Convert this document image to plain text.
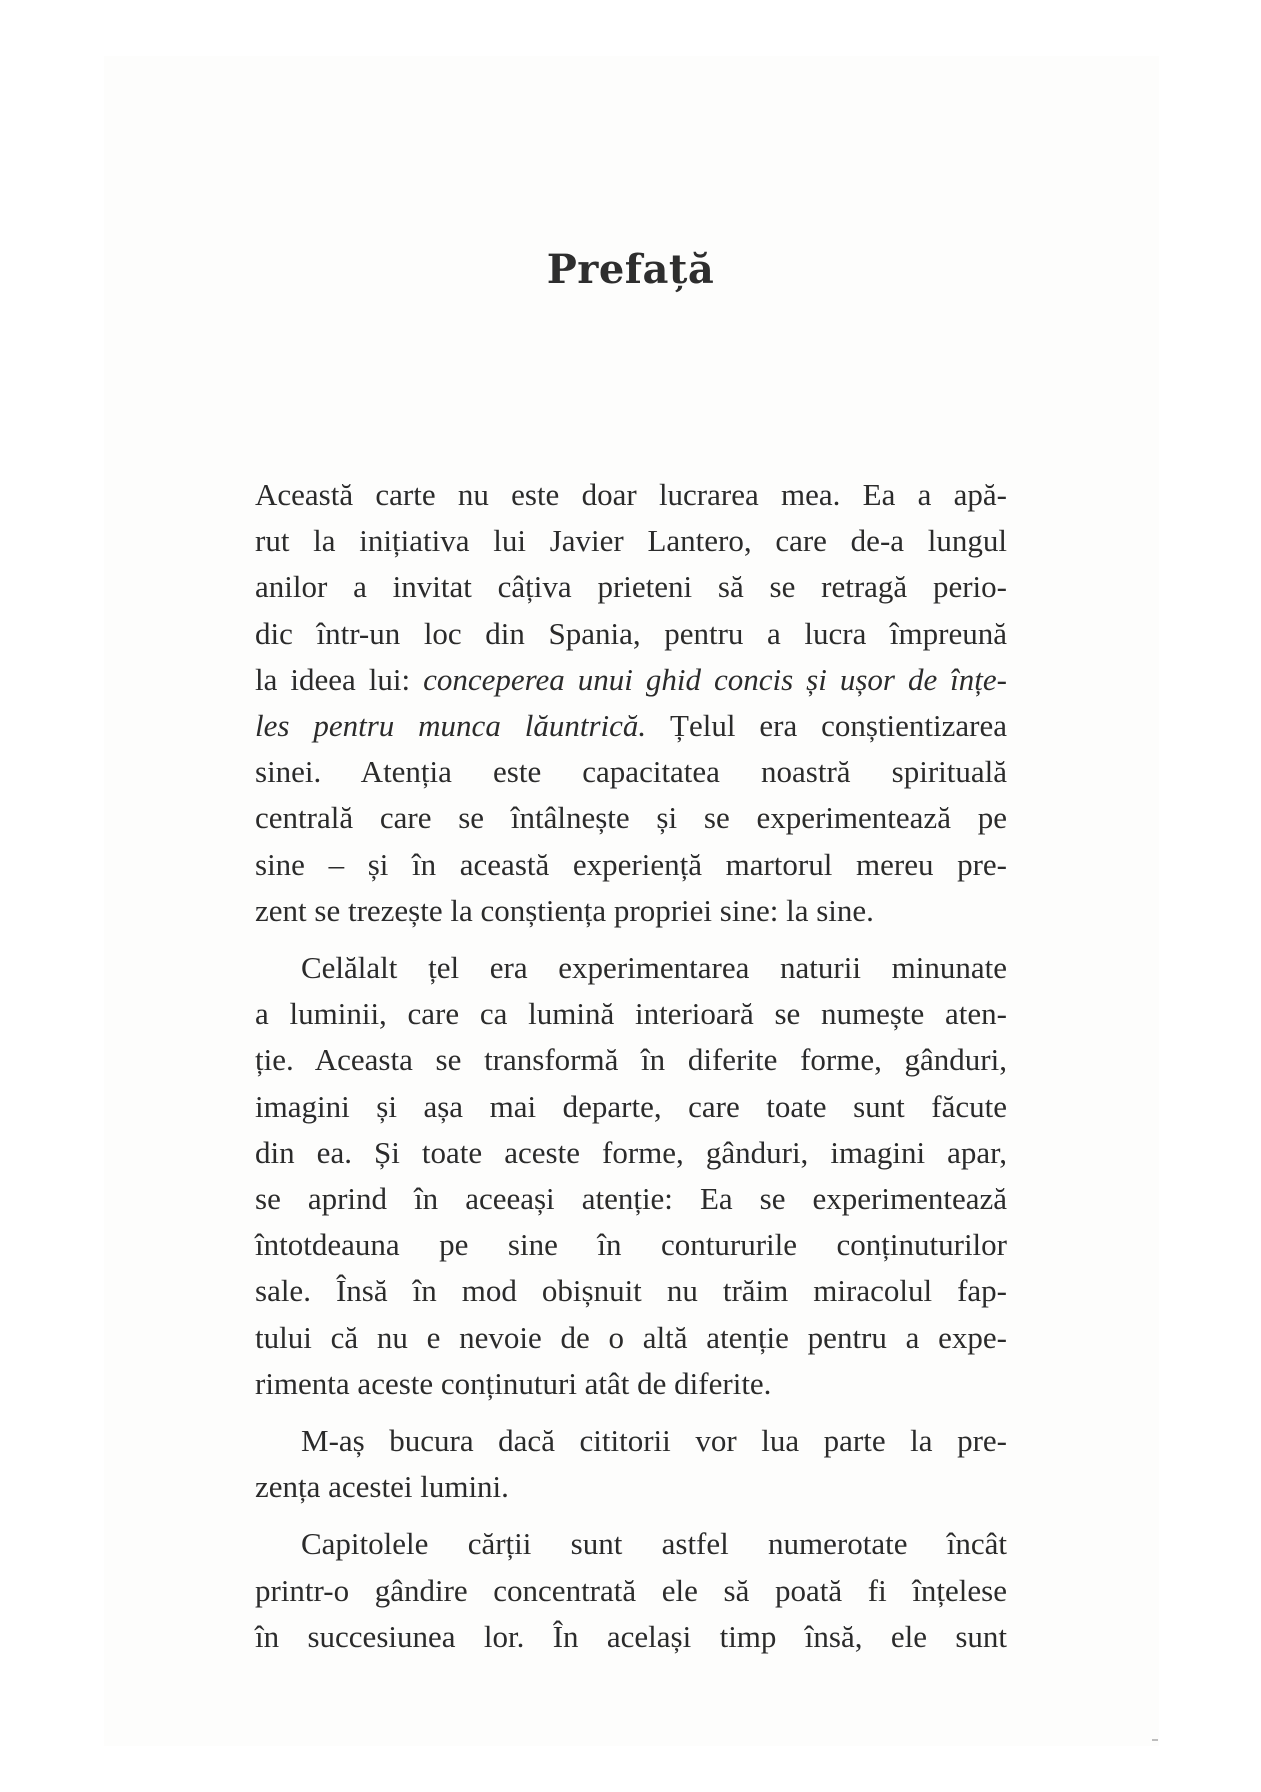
Prefață

Această carte nu este doar lucrarea mea. Ea a apă-
rut la inițiativa lui Javier Lantero, care de-a lungul
anilor a invitat câțiva prieteni să se retragă perio-
dic într-un loc din Spania, pentru a lucra împreună
la ideea lui: conceperea unui ghid concis și ușor de înțe-
les pentru munca lăuntrică. Țelul era conștientizarea
sinei. Atenția este capacitatea noastră spirituală
centrală care se întâlnește și se experimentează pe
sine – și în această experiență martorul mereu pre-
zent se trezește la conștiența propriei sine: la sine.

Celălalt țel era experimentarea naturii minunate
a luminii, care ca lumină interioară se numește aten-
ție. Aceasta se transformă în diferite forme, gânduri,
imagini și așa mai departe, care toate sunt făcute
din ea. Și toate aceste forme, gânduri, imagini apar,
se aprind în aceeași atenție: Ea se experimentează
întotdeauna pe sine în contururile conținuturilor
sale. Însă în mod obișnuit nu trăim miracolul fap-
tului că nu e nevoie de o altă atenție pentru a expe-
rimenta aceste conținuturi atât de diferite.

M-aș bucura dacă cititorii vor lua parte la pre-
zența acestei lumini.

Capitolele cărții sunt astfel numerotate încât
printr-o gândire concentrată ele să poată fi înțelese
în succesiunea lor. În același timp însă, ele sunt
